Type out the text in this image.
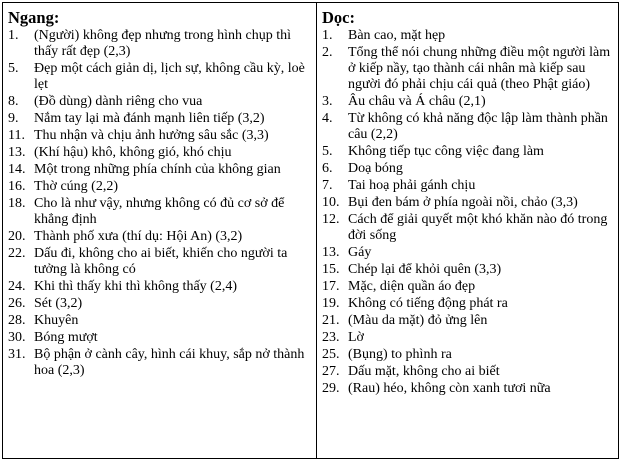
Ngang:
1. (Người) không đẹp nhưng trong hình chụp thì thấy rất đẹp (2,3)
5. Đẹp một cách giản dị, lịch sự, không cầu kỳ, loè lẹt
8. (Đồ dùng) dành riêng cho vua
9. Nắm tay lại mà đánh mạnh liên tiếp (3,2)
11. Thu nhận và chịu ảnh hưởng sâu sắc (3,3)
13. (Khí hậu) khô, không gió, khó chịu
14. Một trong những phía chính của không gian
16. Thờ cúng (2,2)
18. Cho là như vậy, nhưng không có đủ cơ sở để khẳng định
20. Thành phố xưa (thí dụ: Hội An) (3,2)
22. Dấu đi, không cho ai biết, khiến cho người ta tưởng là không có
24. Khi thì thấy khi thì không thấy (2,4)
26. Sét (3,2)
28. Khuyên
30. Bóng mượt
31. Bộ phận ở cành cây, hình cái khuy, sắp nở thành hoa (2,3)
Dọc:
1. Bàn cao, mặt hẹp
2. Tổng thể nói chung những điều một người làm ở kiếp nầy, tạo thành cái nhân mà kiếp sau người đó phải chịu cái quả (theo Phật giáo)
3. Âu châu và Á châu (2,1)
4. Từ không có khả năng độc lập làm thành phần câu (2,2)
5. Không tiếp tục công việc đang làm
6. Doạ bóng
7. Tai hoạ phải gánh chịu
10. Bụi đen bám ở phía ngoài nồi, chảo (3,3)
12. Cách để giải quyết một khó khăn nào đó trong đời sống
13. Gáy
15. Chép lại để khỏi quên (3,3)
17. Mặc, diện quần áo đẹp
19. Không có tiếng động phát ra
21. (Màu da mặt) đỏ ửng lên
23. Lờ
25. (Bụng) to phình ra
27. Dấu mặt, không cho ai biết
29. (Rau) héo, không còn xanh tươi nữa
